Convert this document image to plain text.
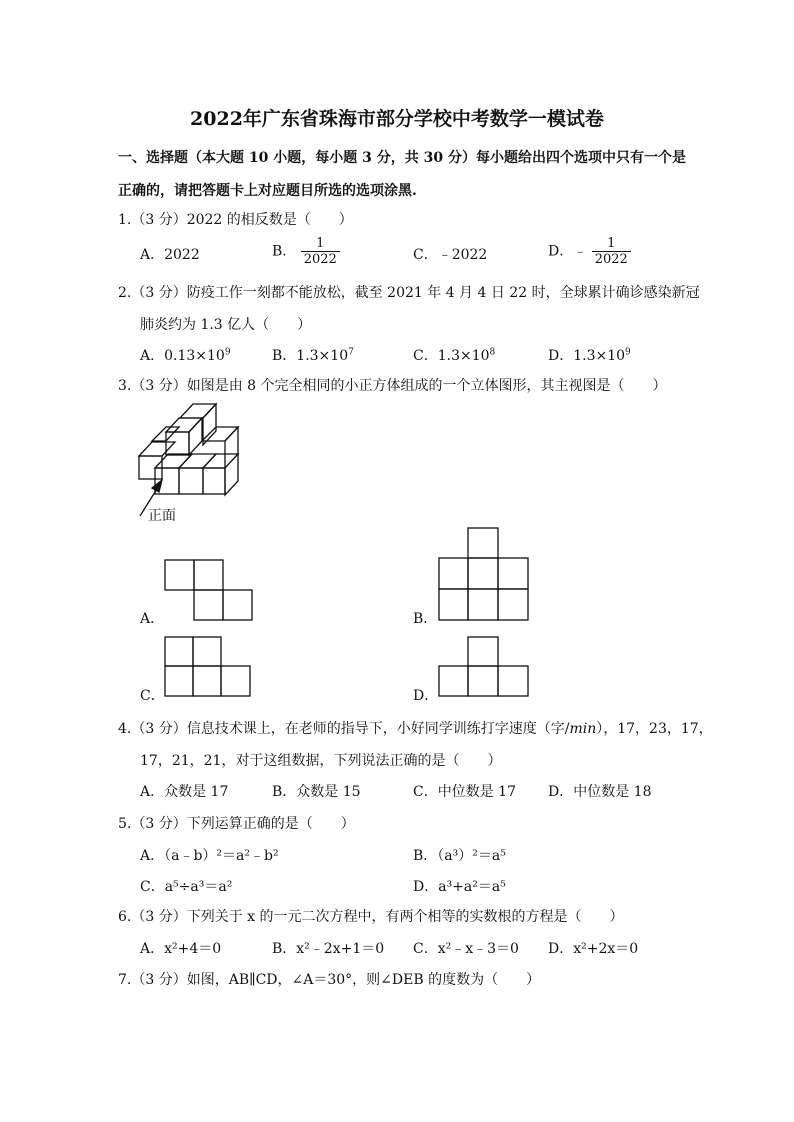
2022年广东省珠海市部分学校中考数学一模试卷
一、选择题（本大题 10 小题，每小题 3 分，共 30 分）每小题给出四个选项中只有一个是
正确的，请把答题卡上对应题目所选的选项涂黑.
1.（3 分）2022 的相反数是（　　）
A．2022	B． $\frac{1}{2022}$	C．﹣2022	D．﹣ $\frac{1}{2022}$
2.（3 分）防疫工作一刻都不能放松，截至 2021 年 4 月 4 日 22 时，全球累计确诊感染新冠
肺炎约为 1.3 亿人（　　）
A．$0.13\times 10^9$	B．$1.3\times 10^7$	C．$1.3\times 10^8$	D．$1.3\times 10^9$
3.（3 分）如图是由 8 个完全相同的小正方体组成的一个立体图形，其主视图是（　　）
正面
A．	B．
C．	D．
4.（3 分）信息技术课上，在老师的指导下，小好同学训练打字速度（字/min），17，23，17，
17，21，21，对于这组数据，下列说法正确的是（　　）
A．众数是 17	B．众数是 15	C．中位数是 17 D．中位数是 18
5.（3 分）下列运算正确的是（　　）
A．（a﹣b）²＝a²﹣b²	B．（a³）²＝a⁵
C．a⁵÷a³＝a²	D．a³+a²＝a⁵
6.（3 分）下列关于 x 的一元二次方程中，有两个相等的实数根的方程是（　　）
A．x²+4＝0	B．x²﹣2x+1＝0 C．x²﹣x﹣3＝0 D．x²+2x＝0
7.（3 分）如图，AB∥CD，∠A＝30°，则∠DEB 的度数为（　　）
